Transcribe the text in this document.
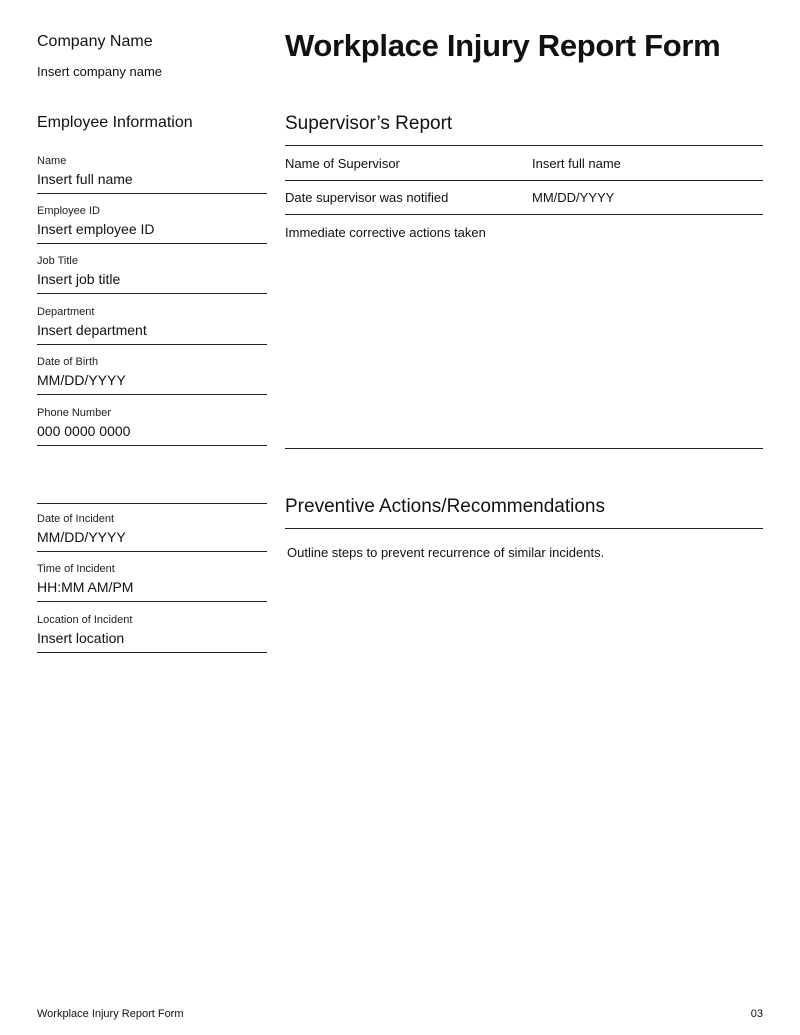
Company Name
Insert company name
Workplace Injury Report Form
Employee Information
Name
Insert full name
Employee ID
Insert employee ID
Job Title
Insert job title
Department
Insert department
Date of Birth
MM/DD/YYYY
Phone Number
000 0000 0000
Date of Incident
MM/DD/YYYY
Time of Incident
HH:MM AM/PM
Location of Incident
Insert location
Supervisor’s Report
Name of Supervisor	Insert full name
Date supervisor was notified	MM/DD/YYYY
Immediate corrective actions taken
Preventive Actions/Recommendations
Outline steps to prevent recurrence of similar incidents.
Workplace Injury Report Form	03
